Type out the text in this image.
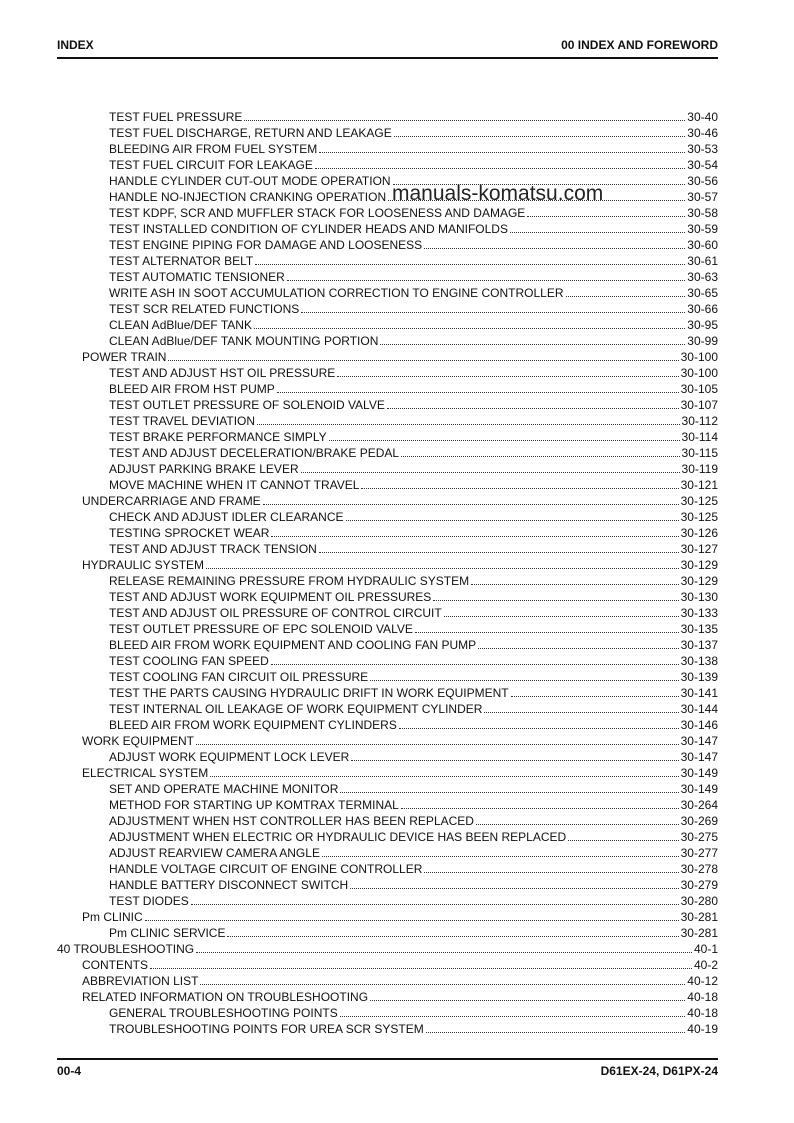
INDEX	00 INDEX AND FOREWORD
TEST FUEL PRESSURE	30-40
TEST FUEL DISCHARGE, RETURN AND LEAKAGE	30-46
BLEEDING AIR FROM FUEL SYSTEM	30-53
TEST FUEL CIRCUIT FOR LEAKAGE	30-54
HANDLE CYLINDER CUT-OUT MODE OPERATION	30-56
HANDLE NO-INJECTION CRANKING OPERATION	30-57
TEST KDPF, SCR AND MUFFLER STACK FOR LOOSENESS AND DAMAGE	30-58
TEST INSTALLED CONDITION OF CYLINDER HEADS AND MANIFOLDS	30-59
TEST ENGINE PIPING FOR DAMAGE AND LOOSENESS	30-60
TEST ALTERNATOR BELT	30-61
TEST AUTOMATIC TENSIONER	30-63
WRITE ASH IN SOOT ACCUMULATION CORRECTION TO ENGINE CONTROLLER	30-65
TEST SCR RELATED FUNCTIONS	30-66
CLEAN AdBlue/DEF TANK	30-95
CLEAN AdBlue/DEF TANK MOUNTING PORTION	30-99
POWER TRAIN	30-100
TEST AND ADJUST HST OIL PRESSURE	30-100
BLEED AIR FROM HST PUMP	30-105
TEST OUTLET PRESSURE OF SOLENOID VALVE	30-107
TEST TRAVEL DEVIATION	30-112
TEST BRAKE PERFORMANCE SIMPLY	30-114
TEST AND ADJUST DECELERATION/BRAKE PEDAL	30-115
ADJUST PARKING BRAKE LEVER	30-119
MOVE MACHINE WHEN IT CANNOT TRAVEL	30-121
UNDERCARRIAGE AND FRAME	30-125
CHECK AND ADJUST IDLER CLEARANCE	30-125
TESTING SPROCKET WEAR	30-126
TEST AND ADJUST TRACK TENSION	30-127
HYDRAULIC SYSTEM	30-129
RELEASE REMAINING PRESSURE FROM HYDRAULIC SYSTEM	30-129
TEST AND ADJUST WORK EQUIPMENT OIL PRESSURES	30-130
TEST AND ADJUST OIL PRESSURE OF CONTROL CIRCUIT	30-133
TEST OUTLET PRESSURE OF EPC SOLENOID VALVE	30-135
BLEED AIR FROM WORK EQUIPMENT AND COOLING FAN PUMP	30-137
TEST COOLING FAN SPEED	30-138
TEST COOLING FAN CIRCUIT OIL PRESSURE	30-139
TEST THE PARTS CAUSING HYDRAULIC DRIFT IN WORK EQUIPMENT	30-141
TEST INTERNAL OIL LEAKAGE OF WORK EQUIPMENT CYLINDER	30-144
BLEED AIR FROM WORK EQUIPMENT CYLINDERS	30-146
WORK EQUIPMENT	30-147
ADJUST WORK EQUIPMENT LOCK LEVER	30-147
ELECTRICAL SYSTEM	30-149
SET AND OPERATE MACHINE MONITOR	30-149
METHOD FOR STARTING UP KOMTRAX TERMINAL	30-264
ADJUSTMENT WHEN HST CONTROLLER HAS BEEN REPLACED	30-269
ADJUSTMENT WHEN ELECTRIC OR HYDRAULIC DEVICE HAS BEEN REPLACED	30-275
ADJUST REARVIEW CAMERA ANGLE	30-277
HANDLE VOLTAGE CIRCUIT OF ENGINE CONTROLLER	30-278
HANDLE BATTERY DISCONNECT SWITCH	30-279
TEST DIODES	30-280
Pm CLINIC	30-281
Pm CLINIC SERVICE	30-281
40 TROUBLESHOOTING	40-1
CONTENTS	40-2
ABBREVIATION LIST	40-12
RELATED INFORMATION ON TROUBLESHOOTING	40-18
GENERAL TROUBLESHOOTING POINTS	40-18
TROUBLESHOOTING POINTS FOR UREA SCR SYSTEM	40-19
manuals-komatsu.com
00-4	D61EX-24, D61PX-24
